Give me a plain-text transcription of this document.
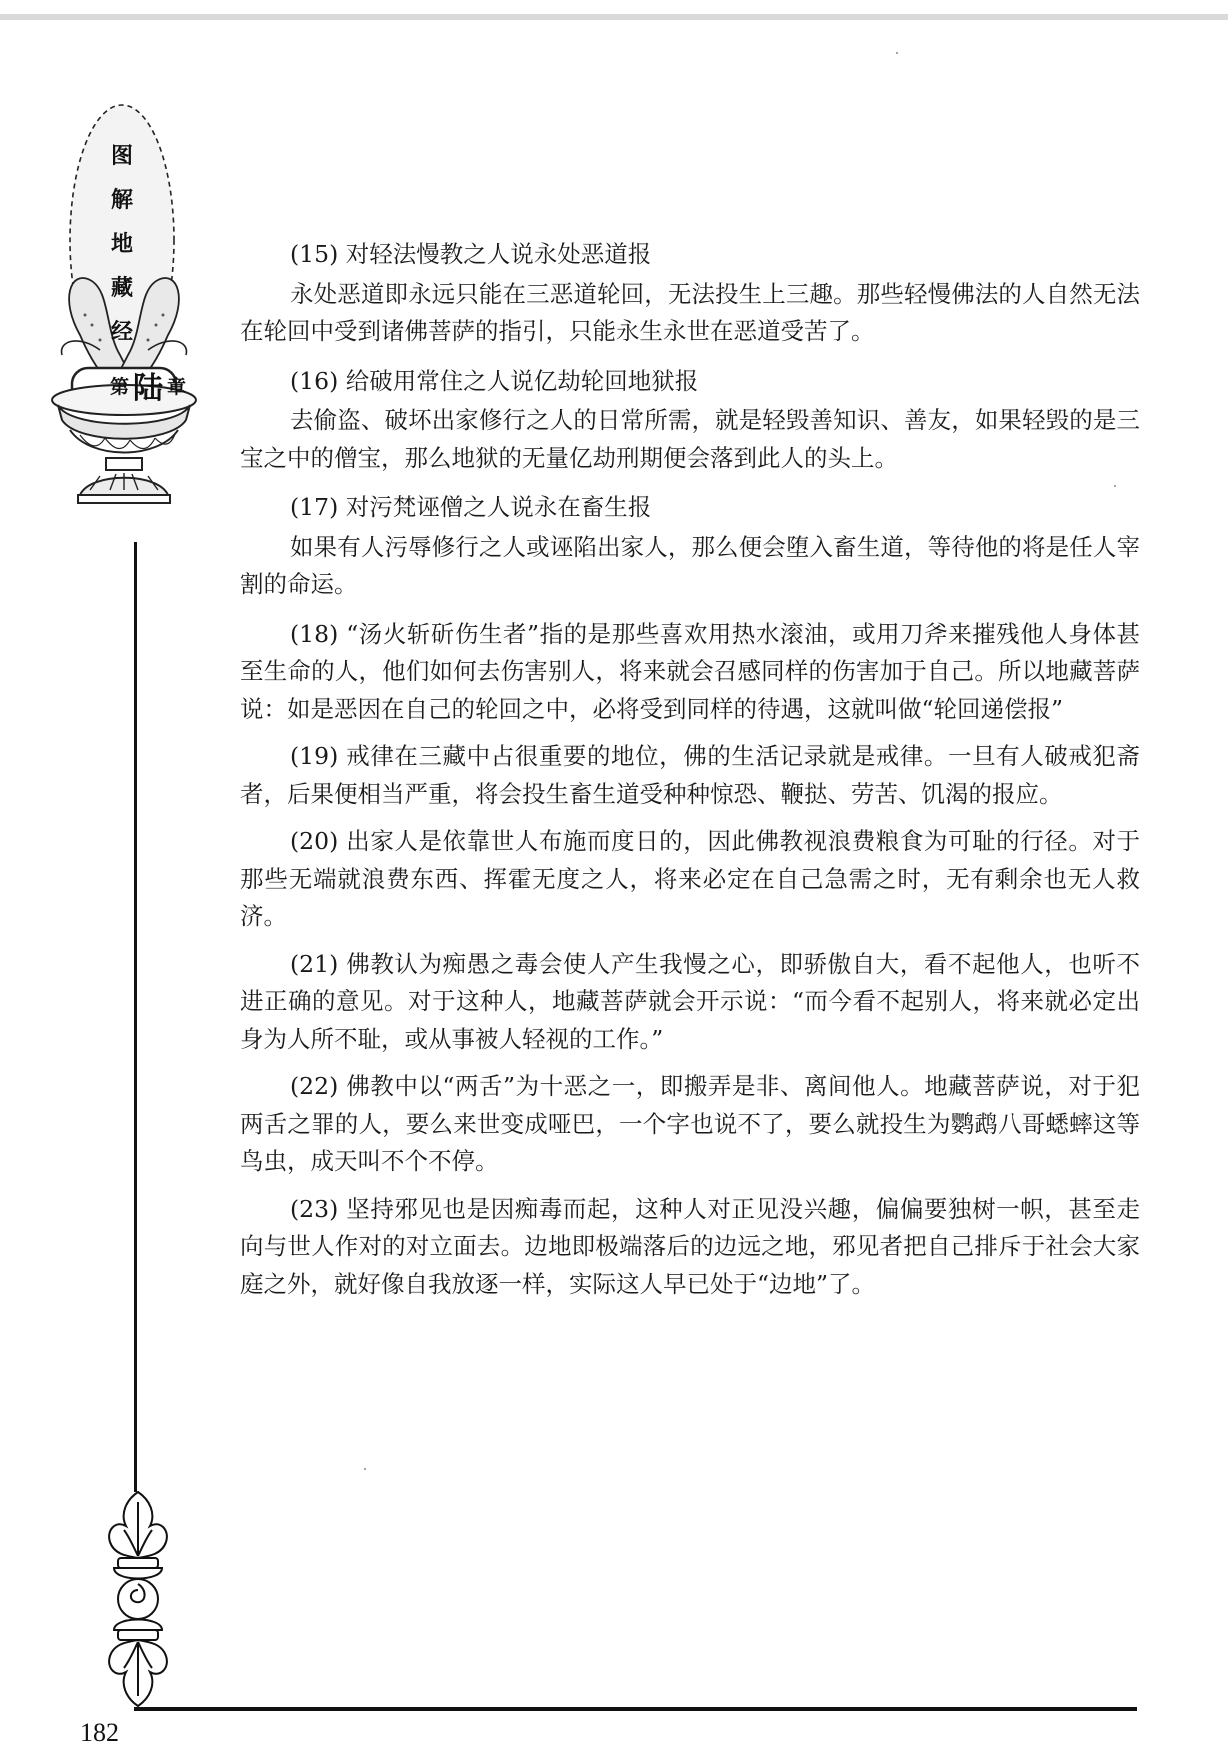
图
解
地
藏
经
第 陆 章

(15) 对轻法慢教之人说永处恶道报

永处恶道即永远只能在三恶道轮回，无法投生上三趣。那些轻慢佛法的人自然无法在轮回中受到诸佛菩萨的指引，只能永生永世在恶道受苦了。

(16) 给破用常住之人说亿劫轮回地狱报

去偷盗、破坏出家修行之人的日常所需，就是轻毁善知识、善友，如果轻毁的是三宝之中的僧宝，那么地狱的无量亿劫刑期便会落到此人的头上。

(17) 对污梵诬僧之人说永在畜生报

如果有人污辱修行之人或诬陷出家人，那么便会堕入畜生道，等待他的将是任人宰割的命运。

(18) “汤火斩斫伤生者”指的是那些喜欢用热水滚油，或用刀斧来摧残他人身体甚至生命的人，他们如何去伤害别人，将来就会召感同样的伤害加于自己。所以地藏菩萨说：如是恶因在自己的轮回之中，必将受到同样的待遇，这就叫做“轮回递偿报”

(19) 戒律在三藏中占很重要的地位，佛的生活记录就是戒律。一旦有人破戒犯斋者，后果便相当严重，将会投生畜生道受种种惊恐、鞭挞、劳苦、饥渴的报应。

(20) 出家人是依靠世人布施而度日的，因此佛教视浪费粮食为可耻的行径。对于那些无端就浪费东西、挥霍无度之人，将来必定在自己急需之时，无有剩余也无人救济。

(21) 佛教认为痴愚之毒会使人产生我慢之心，即骄傲自大，看不起他人，也听不进正确的意见。对于这种人，地藏菩萨就会开示说：“而今看不起别人，将来就必定出身为人所不耻，或从事被人轻视的工作。”

(22) 佛教中以“两舌”为十恶之一，即搬弄是非、离间他人。地藏菩萨说，对于犯两舌之罪的人，要么来世变成哑巴，一个字也说不了，要么就投生为鹦鹉八哥蟋蟀这等鸟虫，成天叫不个不停。

(23) 坚持邪见也是因痴毒而起，这种人对正见没兴趣，偏偏要独树一帜，甚至走向与世人作对的对立面去。边地即极端落后的边远之地，邪见者把自己排斥于社会大家庭之外，就好像自我放逐一样，实际这人早已处于“边地”了。

182
